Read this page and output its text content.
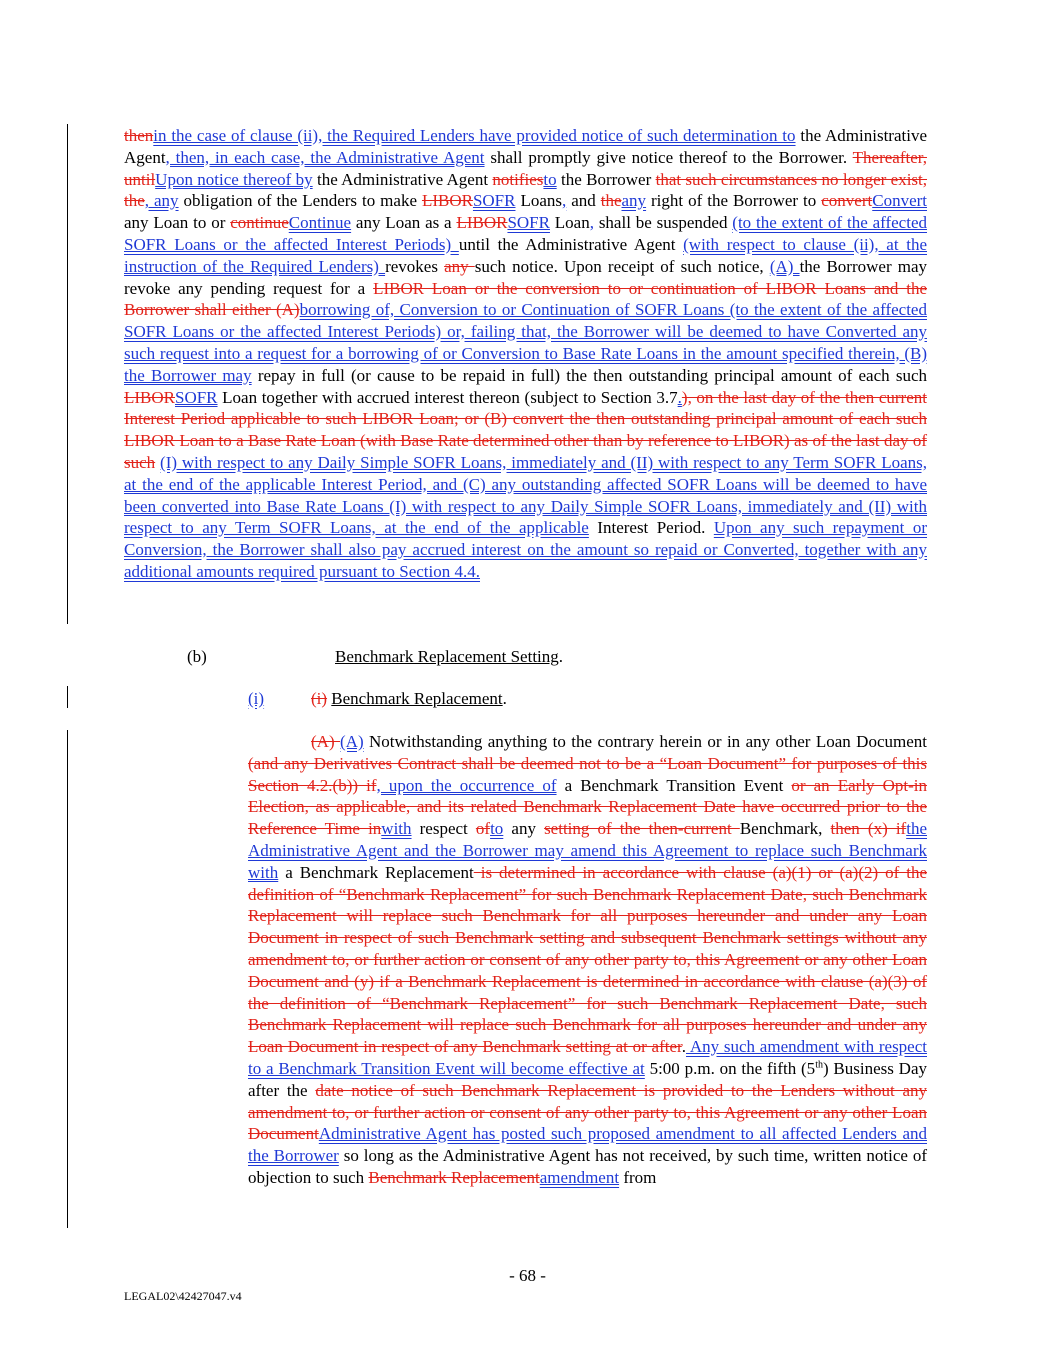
thenin the case of clause (ii), the Required Lenders have provided notice of such determination to the Administrative Agent, then, in each case, the Administrative Agent shall promptly give notice thereof to the Borrower. Thereafter, untilUpon notice thereof by the Administrative Agent notifiesto the Borrower that such circumstances no longer exist, the, any obligation of the Lenders to make LIBORSOFR Loans, and theany right of the Borrower to convertConvert any Loan to or continueContinue any Loan as a LIBORSOFR Loan, shall be suspended (to the extent of the affected SOFR Loans or the affected Interest Periods) until the Administrative Agent (with respect to clause (ii), at the instruction of the Required Lenders) revokes any such notice. Upon receipt of such notice, (A) the Borrower may revoke any pending request for a LIBOR Loan or the conversion to or continuation of LIBOR Loans and the Borrower shall either (A)borrowing of, Conversion to or Continuation of SOFR Loans (to the extent of the affected SOFR Loans or the affected Interest Periods) or, failing that, the Borrower will be deemed to have Converted any such request into a request for a borrowing of or Conversion to Base Rate Loans in the amount specified therein, (B) the Borrower may repay in full (or cause to be repaid in full) the then outstanding principal amount of each such LIBORSOFR Loan together with accrued interest thereon (subject to Section 3.7.), on the last day of the then current Interest Period applicable to such LIBOR Loan; or (B) convert the then outstanding principal amount of each such LIBOR Loan to a Base Rate Loan (with Base Rate determined other than by reference to LIBOR) as of the last day of such (I) with respect to any Daily Simple SOFR Loans, immediately and (II) with respect to any Term SOFR Loans, at the end of the applicable Interest Period, and (C) any outstanding affected SOFR Loans will be deemed to have been converted into Base Rate Loans (I) with respect to any Daily Simple SOFR Loans, immediately and (II) with respect to any Term SOFR Loans, at the end of the applicable Interest Period. Upon any such repayment or Conversion, the Borrower shall also pay accrued interest on the amount so repaid or Converted, together with any additional amounts required pursuant to Section 4.4.

(b)	Benchmark Replacement Setting.
(i)	(i) Benchmark Replacement.

(A) (A) Notwithstanding anything to the contrary herein or in any other Loan Document (and any Derivatives Contract shall be deemed not to be a “Loan Document” for purposes of this Section 4.2.(b)) if, upon the occurrence of a Benchmark Transition Event or an Early Opt-in Election, as applicable, and its related Benchmark Replacement Date have occurred prior to the Reference Time inwith respect ofto any setting of the then-current Benchmark, then (x) ifthe Administrative Agent and the Borrower may amend this Agreement to replace such Benchmark with a Benchmark Replacement is determined in accordance with clause (a)(1) or (a)(2) of the definition of “Benchmark Replacement” for such Benchmark Replacement Date, such Benchmark Replacement will replace such Benchmark for all purposes hereunder and under any Loan Document in respect of such Benchmark setting and subsequent Benchmark settings without any amendment to, or further action or consent of any other party to, this Agreement or any other Loan Document and (y) if a Benchmark Replacement is determined in accordance with clause (a)(3) of the definition of “Benchmark Replacement” for such Benchmark Replacement Date, such Benchmark Replacement will replace such Benchmark for all purposes hereunder and under any Loan Document in respect of any Benchmark setting at or after. Any such amendment with respect to a Benchmark Transition Event will become effective at 5:00 p.m. on the fifth (5th) Business Day after the date notice of such Benchmark Replacement is provided to the Lenders without any amendment to, or further action or consent of any other party to, this Agreement or any other Loan DocumentAdministrative Agent has posted such proposed amendment to all affected Lenders and the Borrower so long as the Administrative Agent has not received, by such time, written notice of objection to such Benchmark Replacementamendment from

- 68 -
LEGAL02\42427047.v4
